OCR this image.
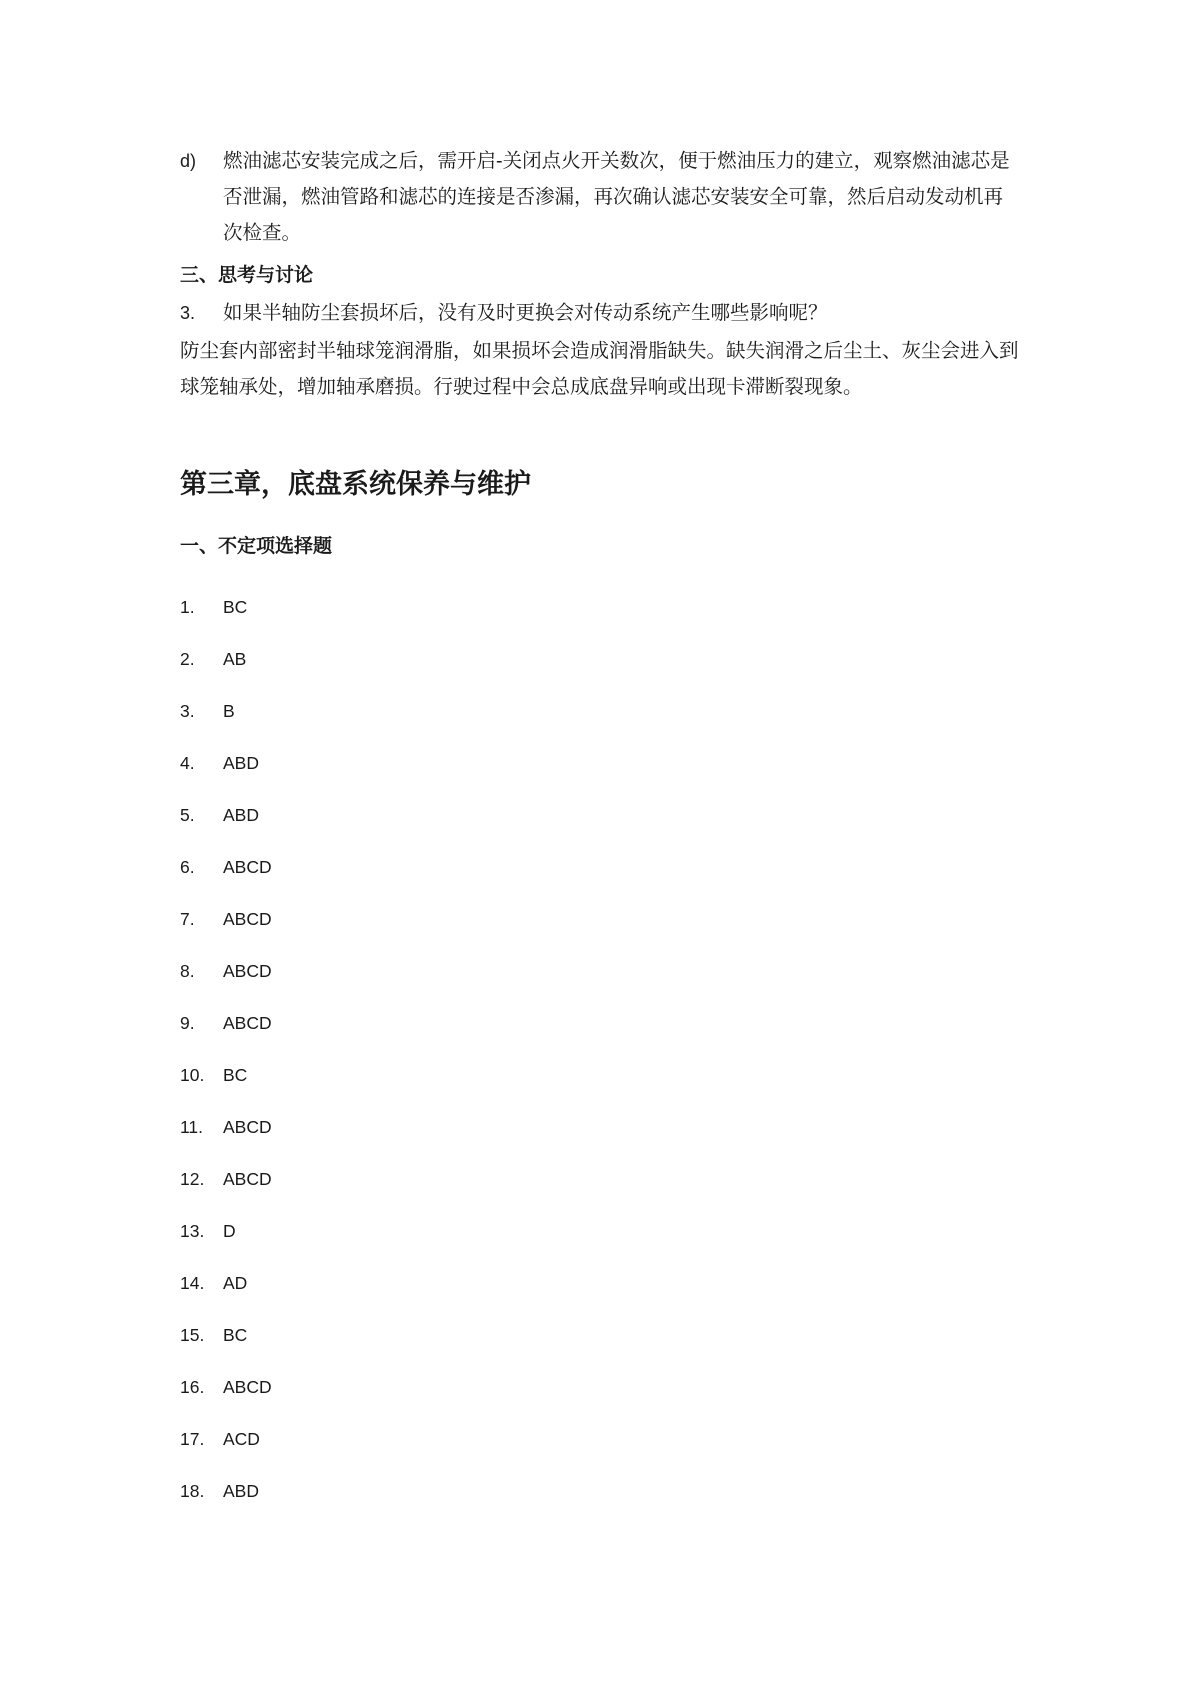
d) 燃油滤芯安装完成之后，需开启-关闭点火开关数次，便于燃油压力的建立，观察燃油滤芯是否泄漏，燃油管路和滤芯的连接是否渗漏，再次确认滤芯安装安全可靠，然后启动发动机再次检查。
三、思考与讨论
3. 如果半轴防尘套损坏后，没有及时更换会对传动系统产生哪些影响呢？
防尘套内部密封半轴球笼润滑脂，如果损坏会造成润滑脂缺失。缺失润滑之后尘土、灰尘会进入到球笼轴承处，增加轴承磨损。行驶过程中会总成底盘异响或出现卡滞断裂现象。
第三章，底盘系统保养与维护
一、不定项选择题
1.	BC
2.	AB
3.	B
4.	ABD
5.	ABD
6.	ABCD
7.	ABCD
8.	ABCD
9.	ABCD
10.	BC
11.	ABCD
12.	ABCD
13.	D
14.	AD
15.	BC
16.	ABCD
17.	ACD
18.	ABD
